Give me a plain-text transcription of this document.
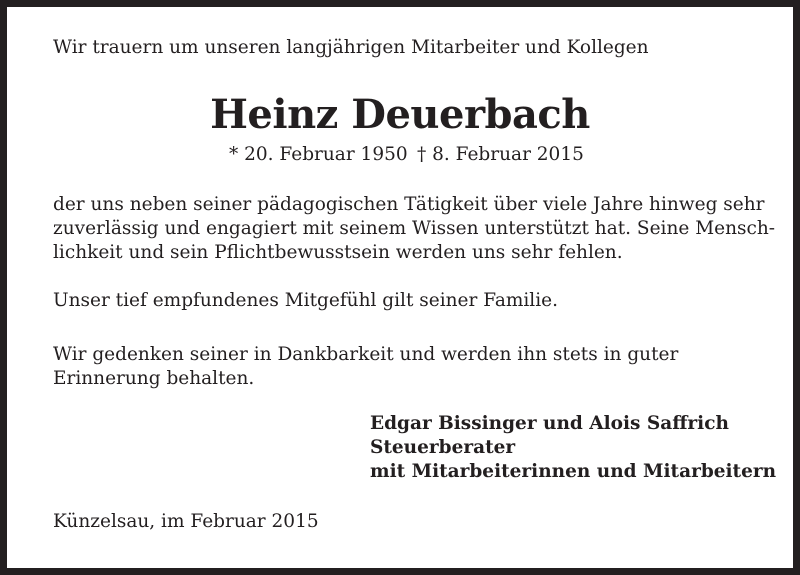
Wir trauern um unseren langjährigen Mitarbeiter und Kollegen
Heinz Deuerbach
* 20. Februar 1950 † 8. Februar 2015
der uns neben seiner pädagogischen Tätigkeit über viele Jahre hinweg sehr
zuverlässig und engagiert mit seinem Wissen unterstützt hat. Seine Mensch-
lichkeit und sein Pflichtbewusstsein werden uns sehr fehlen.
Unser tief empfundenes Mitgefühl gilt seiner Familie.
Wir gedenken seiner in Dankbarkeit und werden ihn stets in guter
Erinnerung behalten.
Edgar Bissinger und Alois Saffrich
Steuerberater
mit Mitarbeiterinnen und Mitarbeitern
Künzelsau, im Februar 2015
